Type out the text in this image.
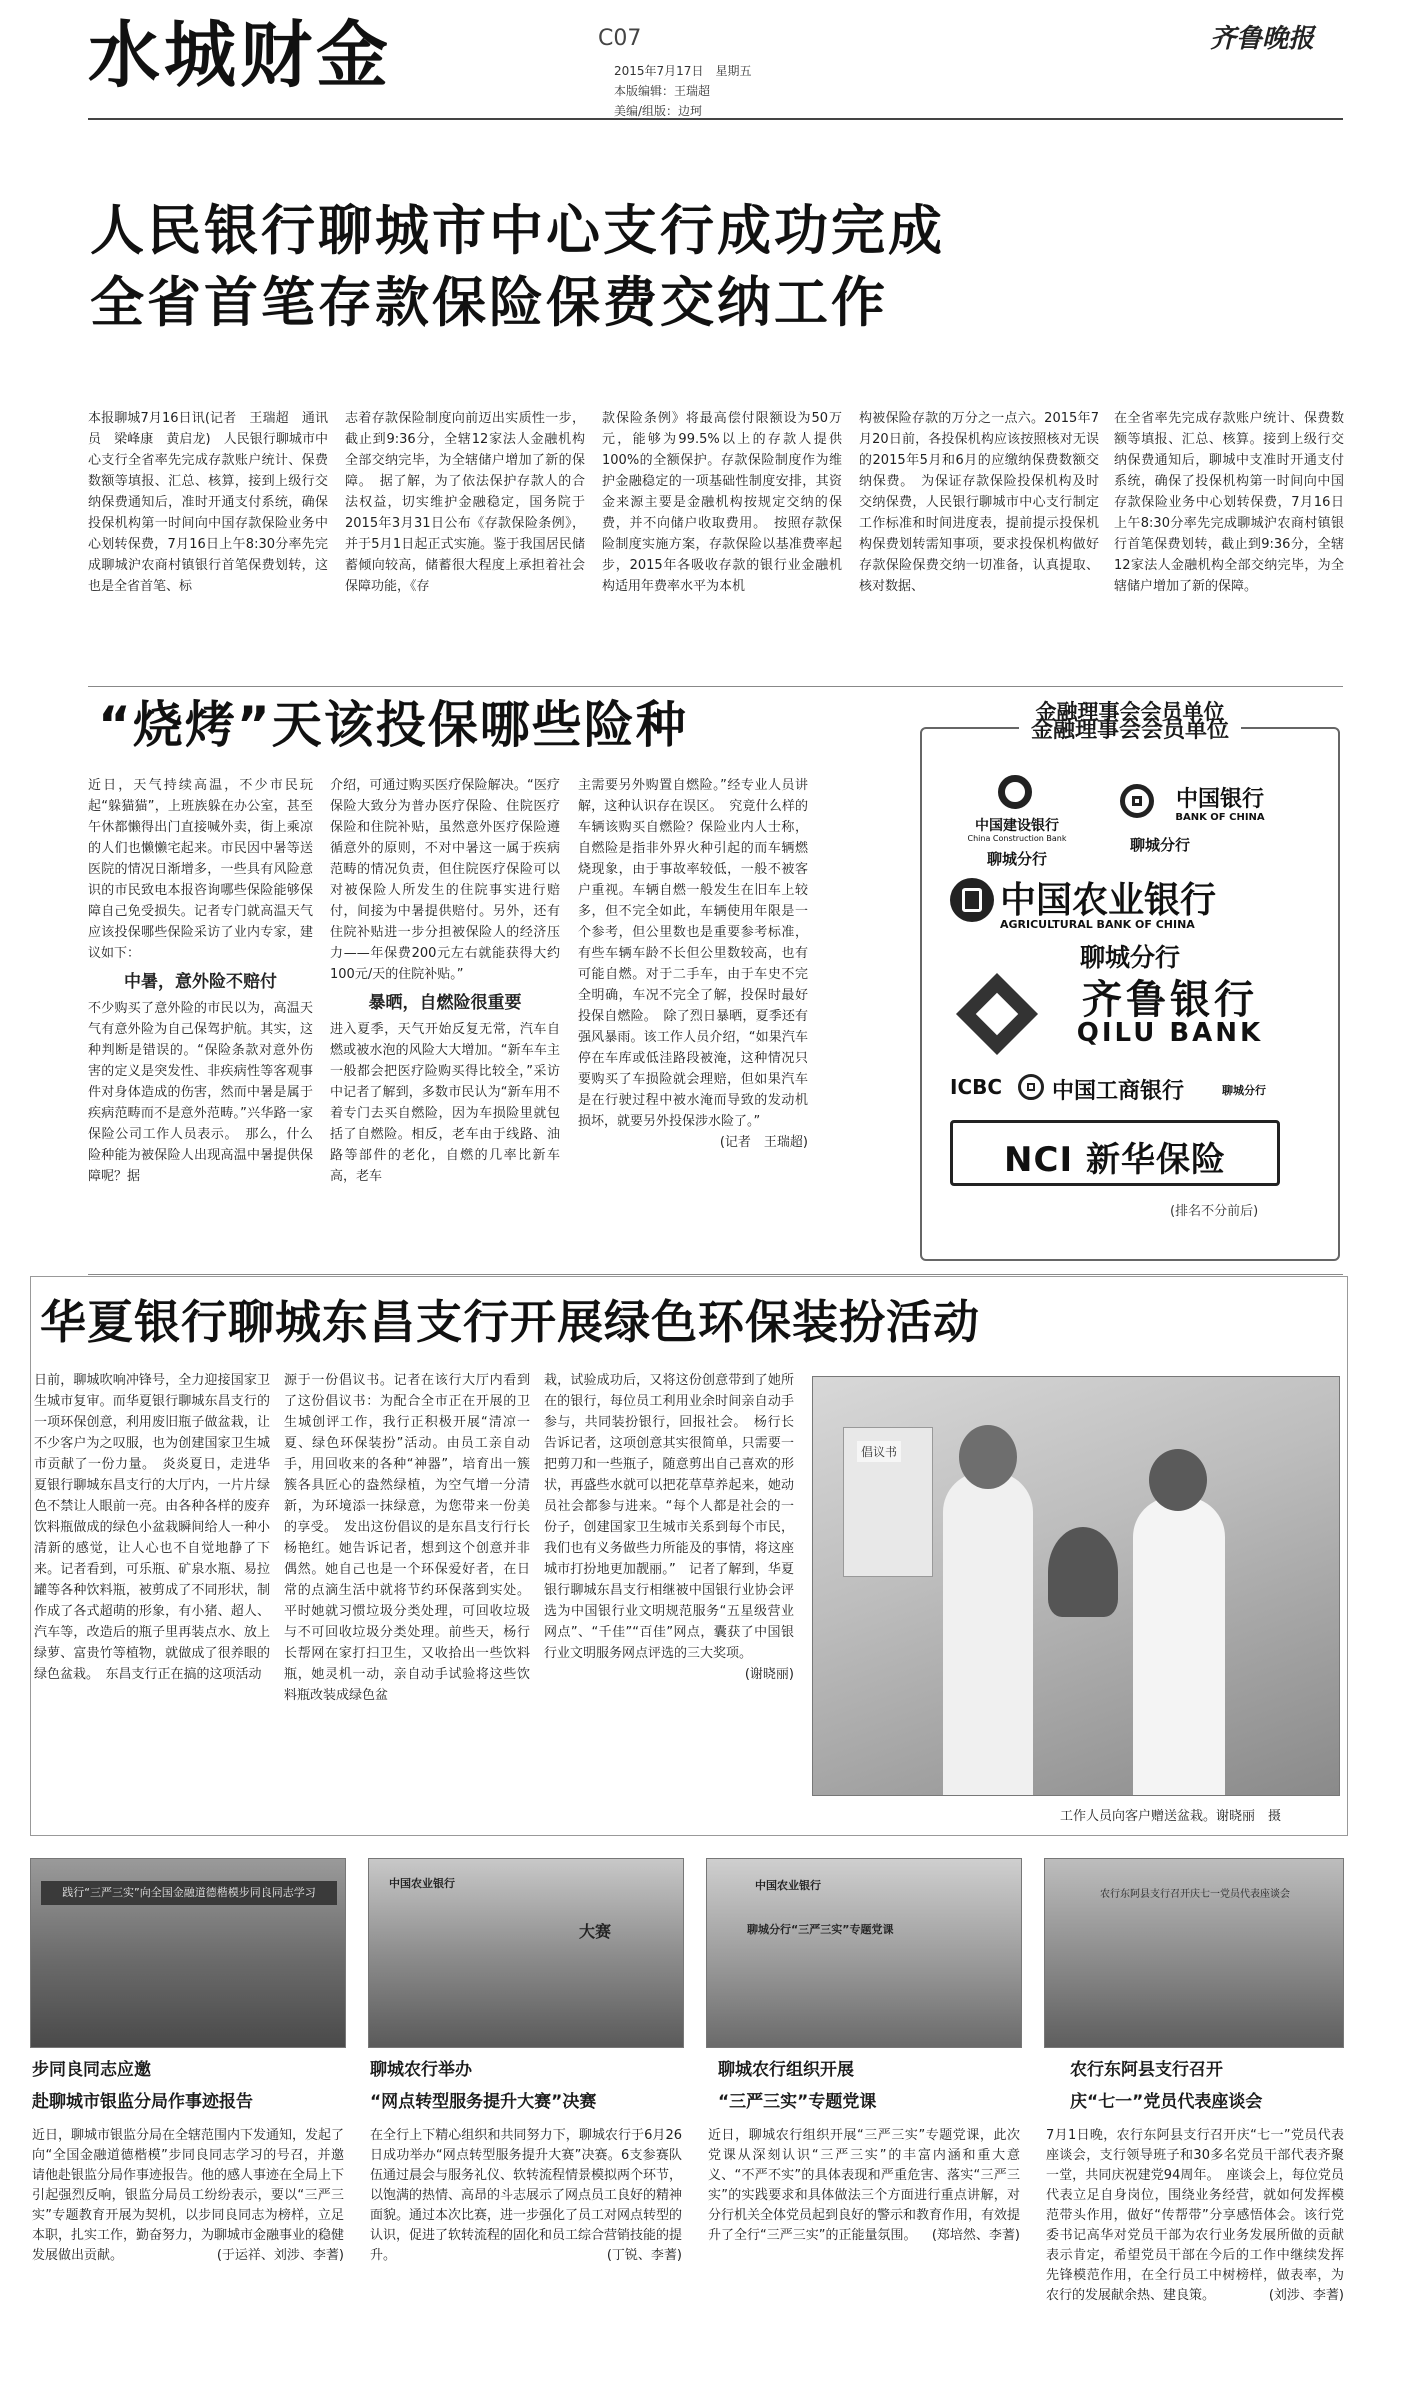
水城财金	C07
2015年7月17日　星期五
本版编辑：王瑞超
美编/组版：边珂
齐鲁晚报
人民银行聊城市中心支行成功完成
全省首笔存款保险保费交纳工作
本报聊城7月16日讯(记者　王瑞超　通讯员　梁峰康　黄启龙)　人民银行聊城市中心支行全省率先完成存款账户统计、保费数额等填报、汇总、核算，接到上级行交纳保费通知后，准时开通支付系统，确保投保机构第一时间向中国存款保险业务中心划转保费，7月16日上午8:30分率先完成聊城沪农商村镇银行首笔保费划转，这也是全省首笔、标
志着存款保险制度向前迈出实质性一步，截止到9:36分，全辖12家法人金融机构全部交纳完毕，为全辖储户增加了新的保障。　据了解，为了依法保护存款人的合法权益，切实维护金融稳定，国务院于2015年3月31日公布《存款保险条例》，并于5月1日起正式实施。鉴于我国居民储蓄倾向较高，储蓄很大程度上承担着社会保障功能，《存
款保险条例》将最高偿付限额设为50万元，能够为99.5%以上的存款人提供100%的全额保护。存款保险制度作为维护金融稳定的一项基础性制度安排，其资金来源主要是金融机构按规定交纳的保费，并不向储户收取费用。　按照存款保险制度实施方案，存款保险以基准费率起步，2015年各吸收存款的银行业金融机构适用年费率水平为本机
构被保险存款的万分之一点六。2015年7月20日前，各投保机构应该按照核对无误的2015年5月和6月的应缴纳保费数额交纳保费。　为保证存款保险投保机构及时交纳保费，人民银行聊城市中心支行制定工作标准和时间进度表，提前提示投保机构保费划转需知事项，要求投保机构做好存款保险保费交纳一切准备，认真提取、核对数据、
在全省率先完成存款账户统计、保费数额等填报、汇总、核算。接到上级行交纳保费通知后，聊城中支准时开通支付系统，确保了投保机构第一时间向中国存款保险业务中心划转保费，7月16日上午8:30分率先完成聊城沪农商村镇银行首笔保费划转，截止到9:36分，全辖12家法人金融机构全部交纳完毕，为全辖储户增加了新的保障。
“烧烤”天该投保哪些险种

近日，天气持续高温，不少市民玩起“躲猫猫”，上班族躲在办公室，甚至午休都懒得出门直接喊外卖，街上乘凉的人们也懒懒宅起来。市民因中暑等送医院的情况日渐增多，一些具有风险意识的市民致电本报咨询哪些保险能够保障自己免受损失。记者专门就高温天气应该投保哪些保险采访了业内专家，建议如下：

中暑，意外险不赔付

不少购买了意外险的市民以为，高温天气有意外险为自己保驾护航。其实，这种判断是错误的。“保险条款对意外伤害的定义是突发性、非疾病性等客观事件对身体造成的伤害，然而中暑是属于疾病范畴而不是意外范畴。”兴华路一家保险公司工作人员表示。　那么，什么险种能为被保险人出现高温中暑提供保障呢？据

介绍，可通过购买医疗保险解决。“医疗保险大致分为普办医疗保险、住院医疗保险和住院补贴，虽然意外医疗保险遵循意外的原则，不对中暑这一属于疾病范畴的情况负责，但住院医疗保险可以对被保险人所发生的住院事实进行赔付，间接为中暑提供赔付。另外，还有住院补贴进一步分担被保险人的经济压力——年保费200元左右就能获得大约100元/天的住院补贴。”

暴晒，自燃险很重要

进入夏季，天气开始反复无常，汽车自燃或被水泡的风险大大增加。“新车车主一般都会把医疗险购买得比较全，”采访中记者了解到，多数市民认为“新车用不着专门去买自燃险，因为车损险里就包括了自燃险。相反，老车由于线路、油路等部件的老化，自燃的几率比新车高，老车

主需要另外购置自燃险。”经专业人员讲解，这种认识存在误区。　究竟什么样的车辆该购买自燃险？保险业内人士称，自燃险是指非外界火种引起的而车辆燃烧现象，由于事故率较低，一般不被客户重视。车辆自燃一般发生在旧车上较多，但不完全如此，车辆使用年限是一个参考，但公里数也是重要参考标准，有些车辆车龄不长但公里数较高，也有可能自燃。对于二手车，由于车史不完全明确，车况不完全了解，投保时最好投保自燃险。　除了烈日暴晒，夏季还有强风暴雨。该工作人员介绍，“如果汽车停在车库或低洼路段被淹，这种情况只要购买了车损险就会理赔，但如果汽车是在行驶过程中被水淹而导致的发动机损坏，就要另外投保涉水险了。”
(记者　王瑞超)

金融理事会会员单位
金融理事会会员单位
中国建设银行
China Construction Bank
聊城分行
中国银行
BANK OF CHINA
聊城分行
中国农业银行
AGRICULTURAL BANK OF CHINA
聊城分行
齐鲁银行
QILU BANK
ICBC	中国工商银行	聊城分行
NCI 新华保险
(排名不分前后)
华夏银行聊城东昌支行开展绿色环保装扮活动
日前，聊城吹响冲锋号，全力迎接国家卫生城市复审。而华夏银行聊城东昌支行的一项环保创意，利用废旧瓶子做盆栽，让不少客户为之叹服，也为创建国家卫生城市贡献了一份力量。　炎炎夏日，走进华夏银行聊城东昌支行的大厅内，一片片绿色不禁让人眼前一亮。由各种各样的废弃饮料瓶做成的绿色小盆栽瞬间给人一种小清新的感觉，让人心也不自觉地静了下来。记者看到，可乐瓶、矿泉水瓶、易拉罐等各种饮料瓶，被剪成了不同形状，制作成了各式超萌的形象，有小猪、超人、汽车等，改造后的瓶子里再装点水、放上绿萝、富贵竹等植物，就做成了很养眼的绿色盆栽。　东昌支行正在搞的这项活动
源于一份倡议书。记者在该行大厅内看到了这份倡议书：为配合全市正在开展的卫生城创评工作，我行正积极开展“清凉一夏、绿色环保装扮”活动。由员工亲自动手，用回收来的各种“神器”，培育出一簇簇各具匠心的盎然绿植，为空气增一分清新，为环境添一抹绿意，为您带来一份美的享受。　发出这份倡议的是东昌支行行长杨艳红。她告诉记者，想到这个创意并非偶然。她自己也是一个环保爱好者，在日常的点滴生活中就将节约环保落到实处。平时她就习惯垃圾分类处理，可回收垃圾与不可回收垃圾分类处理。前些天，杨行长帮网在家打扫卫生，又收拾出一些饮料瓶，她灵机一动，亲自动手试验将这些饮料瓶改装成绿色盆
栽，试验成功后，又将这份创意带到了她所在的银行，每位员工利用业余时间亲自动手参与，共同装扮银行，回报社会。　杨行长告诉记者，这项创意其实很简单，只需要一把剪刀和一些瓶子，随意剪出自己喜欢的形状，再盛些水就可以把花草草养起来，她动员社会都参与进来。“每个人都是社会的一份子，创建国家卫生城市关系到每个市民，我们也有义务做些力所能及的事情，将这座城市打扮地更加靓丽。”　记者了解到，华夏银行聊城东昌支行相继被中国银行业协会评选为中国银行业文明规范服务“五星级营业网点”、“千佳”“百佳”网点，囊获了中国银行业文明服务网点评选的三大奖项。
(谢晓丽)
倡议书
工作人员向客户赠送盆栽。谢晓丽　摄
践行“三严三实”向全国金融道德楷模步同良同志学习
步同良同志应邀
赴聊城市银监分局作事迹报告
近日，聊城市银监分局在全辖范围内下发通知，发起了向“全国金融道德楷模”步同良同志学习的号召，并邀请他赴银监分局作事迹报告。他的感人事迹在全局上下引起强烈反响，银监分局员工纷纷表示，要以“三严三实”专题教育开展为契机，以步同良同志为榜样，立足本职，扎实工作，勤奋努力，为聊城市金融事业的稳健发展做出贡献。	(于运祥、刘涉、李蓍)
中国农业银行
大赛
聊城农行举办
“网点转型服务提升大赛”决赛
在全行上下精心组织和共同努力下，聊城农行于6月26日成功举办“网点转型服务提升大赛”决赛。6支参赛队伍通过晨会与服务礼仪、软转流程情景模拟两个环节，以饱满的热情、高昂的斗志展示了网点员工良好的精神面貌。通过本次比赛，进一步强化了员工对网点转型的认识，促进了软转流程的固化和员工综合营销技能的提升。	(丁锐、李蓍)
中国农业银行
聊城分行“三严三实”专题党课
聊城农行组织开展
“三严三实”专题党课
近日，聊城农行组织开展“三严三实”专题党课，此次党课从深刻认识“三严三实”的丰富内涵和重大意义、“不严不实”的具体表现和严重危害、落实“三严三实”的实践要求和具体做法三个方面进行重点讲解，对分行机关全体党员起到良好的警示和教育作用，有效提升了全行“三严三实”的正能量氛围。 (郑培然、李蓍)
农行东阿县支行召开庆七一党员代表座谈会
农行东阿县支行召开
庆“七一”党员代表座谈会
7月1日晚，农行东阿县支行召开庆“七一”党员代表座谈会，支行领导班子和30多名党员干部代表齐聚一堂，共同庆祝建党94周年。　座谈会上，每位党员代表立足自身岗位，围绕业务经营，就如何发挥模范带头作用，做好“传帮带”分享感悟体会。该行党委书记高华对党员干部为农行业务发展所做的贡献表示肯定，希望党员干部在今后的工作中继续发挥先锋模范作用，在全行员工中树榜样，做表率，为农行的发展献余热、建良策。	(刘涉、李蓍)
